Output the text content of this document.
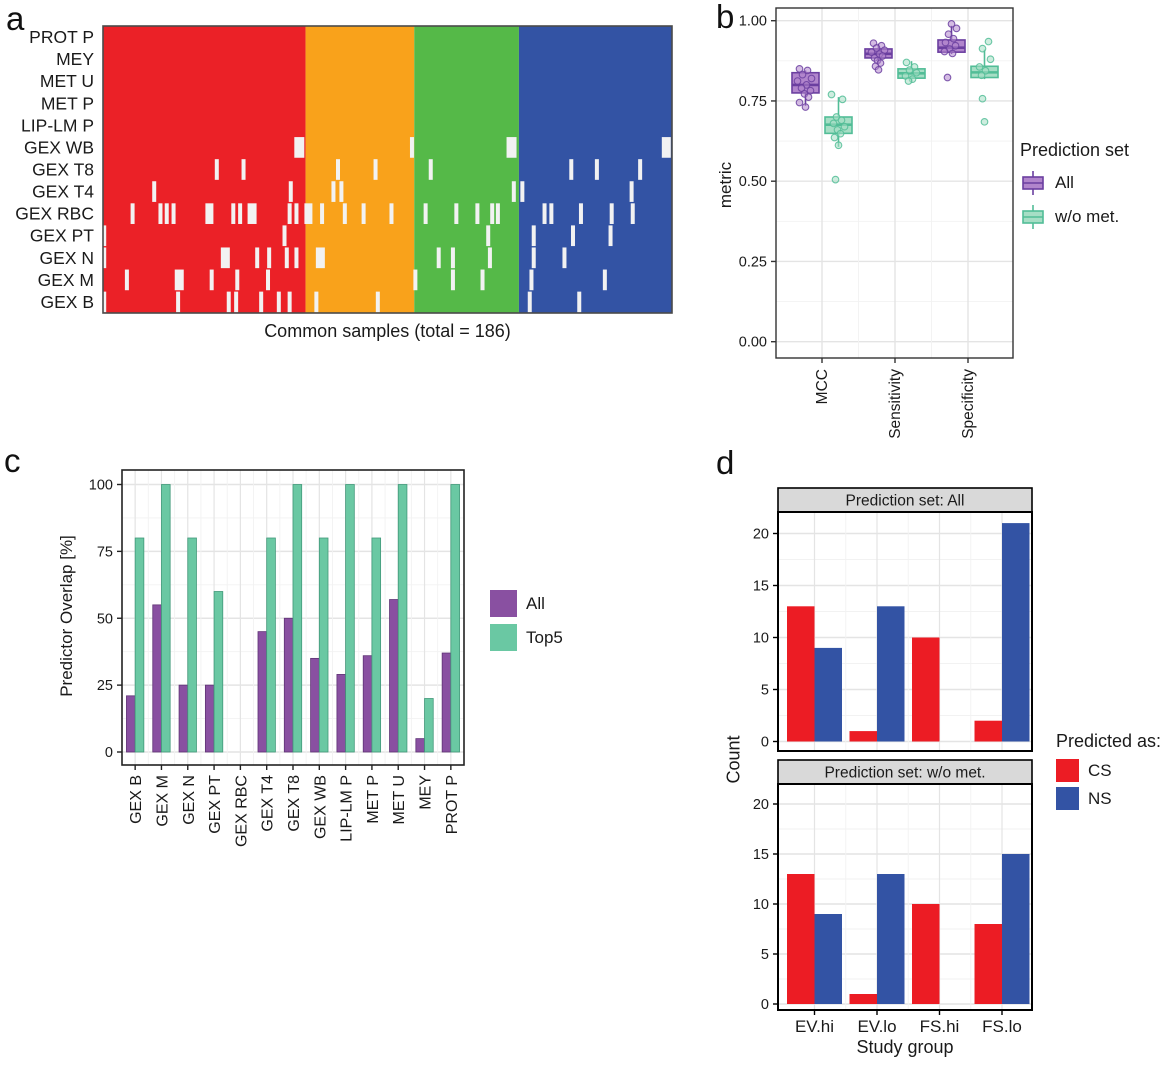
PROT P
MEY
MET U
MET P
LIP-LM P
GEX WB
GEX T8
GEX T4
GEX RBC
GEX PT
GEX N
GEX M
GEX B
0.00
0.25
0.50
0.75
1.00
MCC	Sensitivity	Specificity
GEX B GEX M GEX N GEX PT GEX RBC GEX T4 GEX T8 GEX WB LIP-LM P MET P MET U MEY PROT P
0
25
50
75
100
Prediction set: All
0
5
10
15
20
Prediction set: w/o met.
0
5
10
15
20
EV.hi EV.lo FS.hi FS.lo
a	b
c	d
Common samples (total = 186)
metric
Prediction set
All
w/o met.
Predictor Overlap [%]	All
Top5
Count
Study group
Predicted as:
CS
NS
